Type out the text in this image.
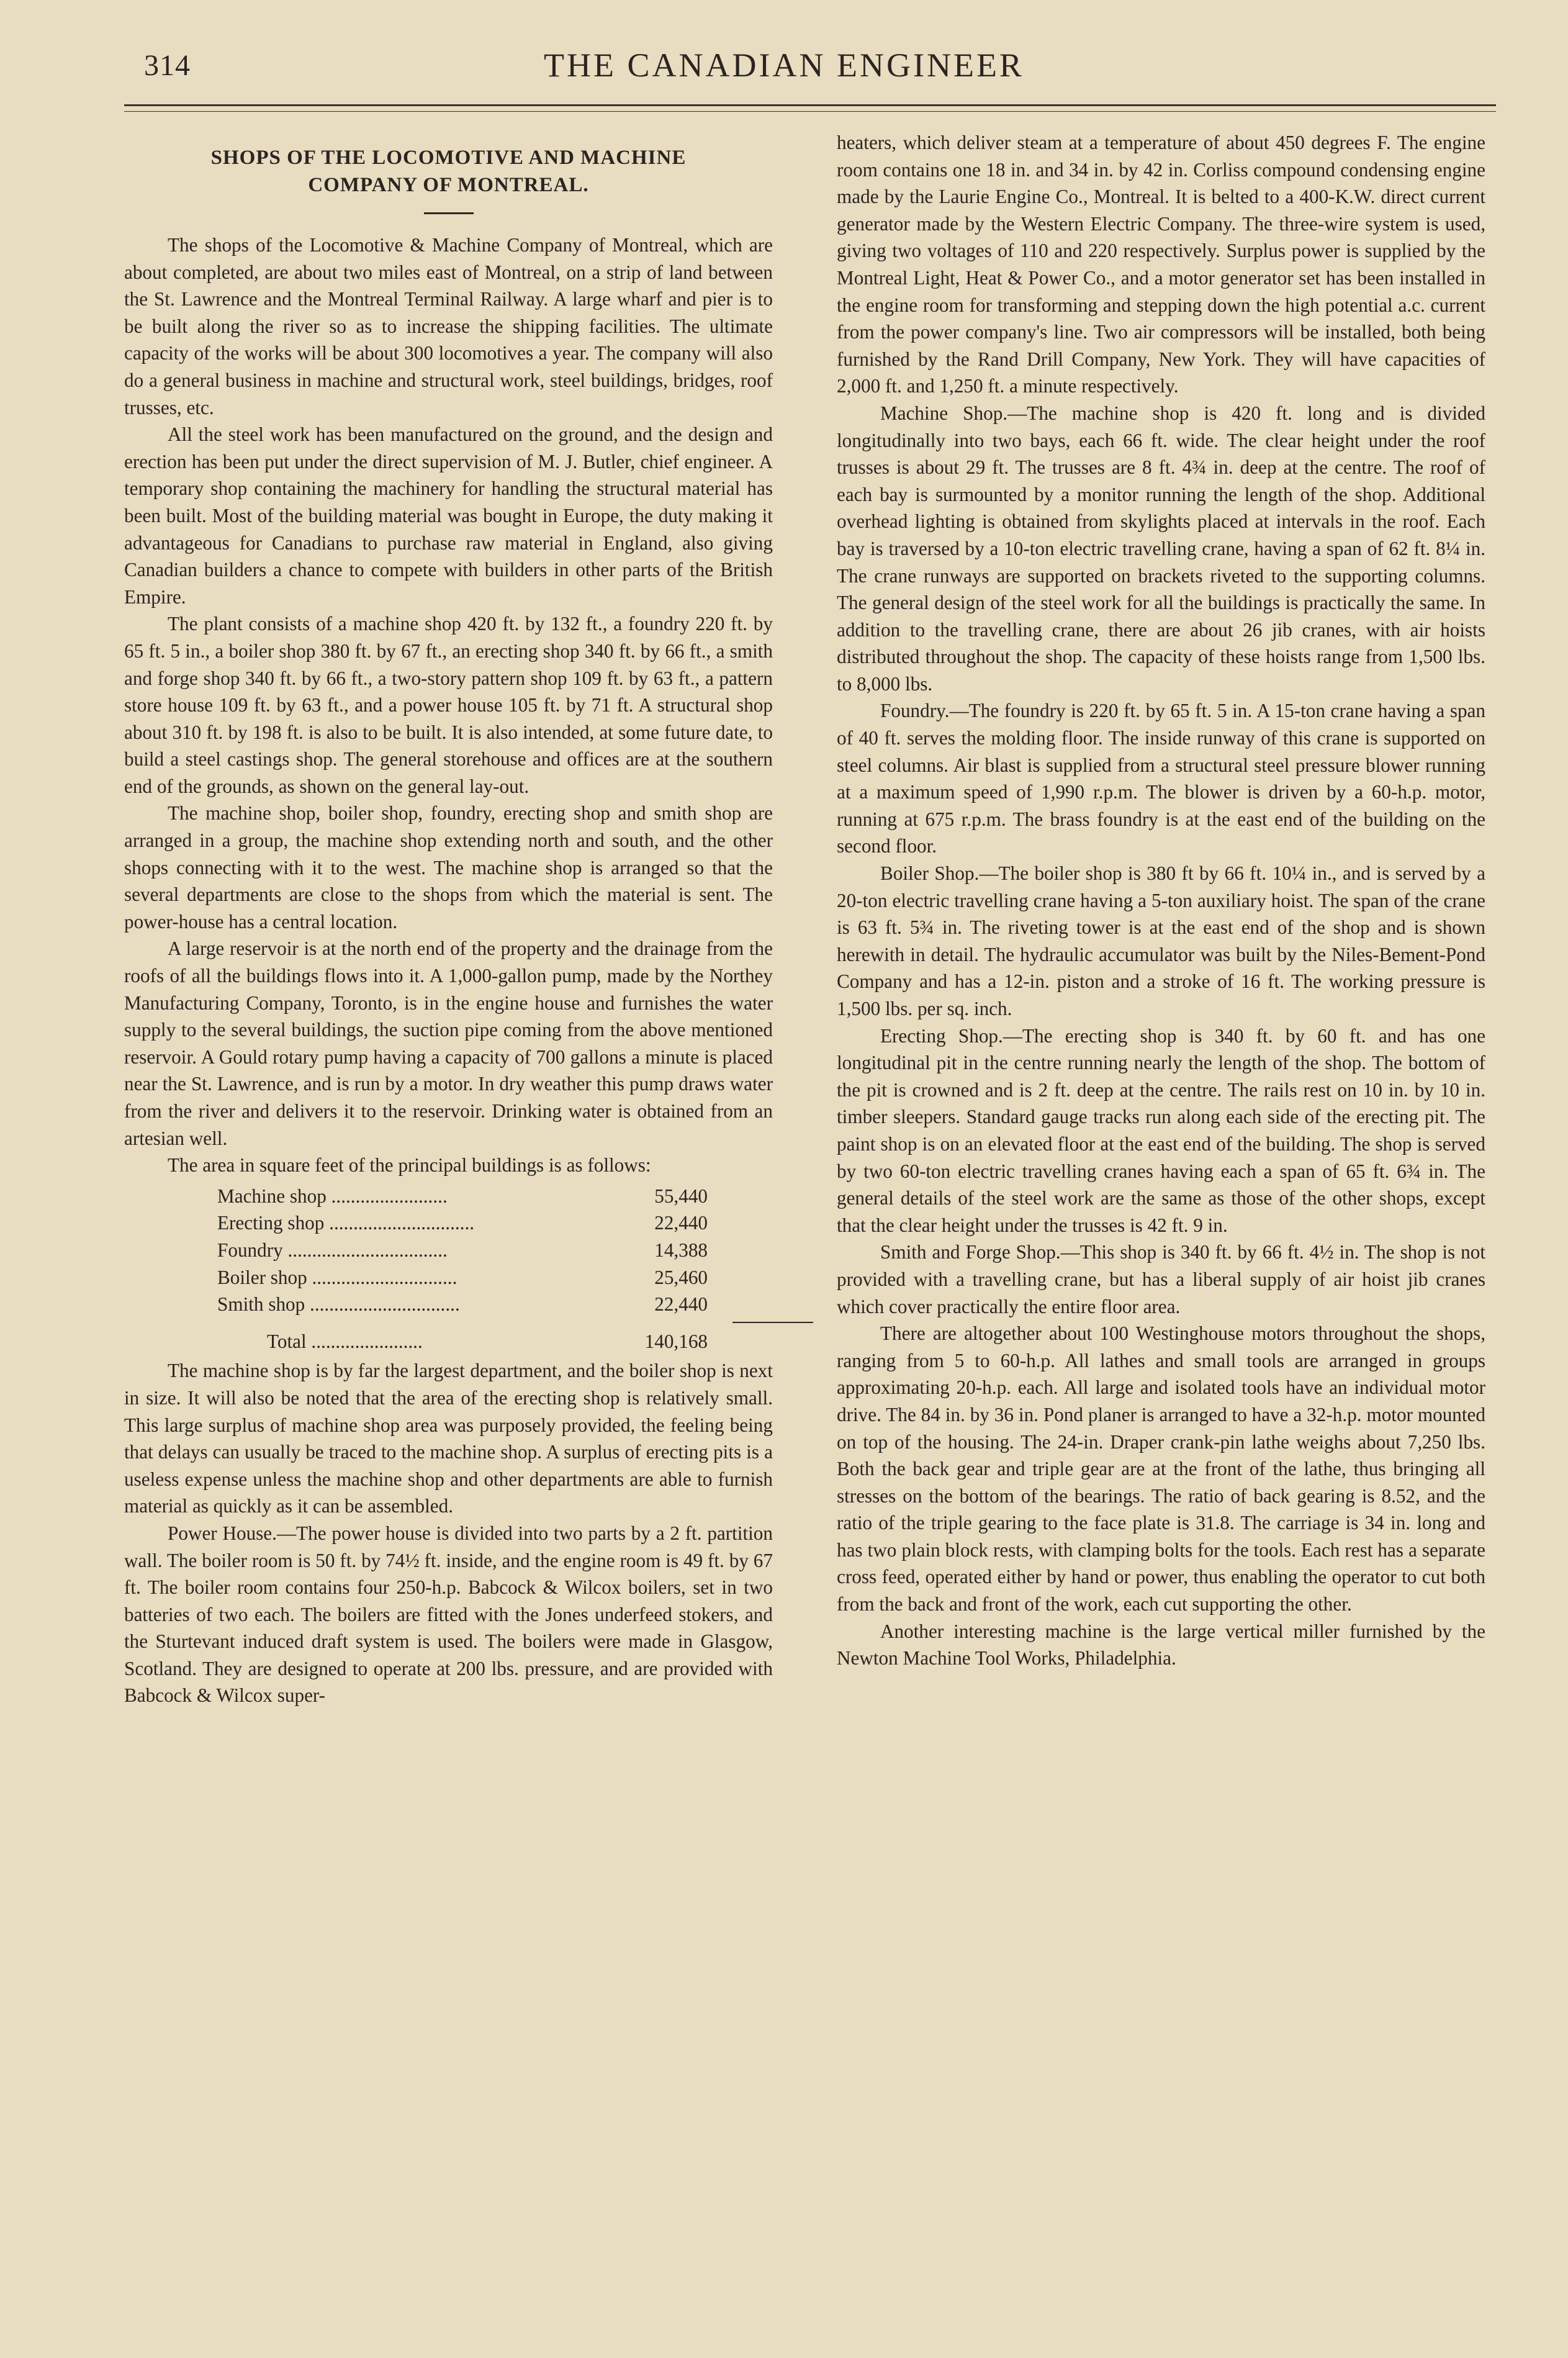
314	THE CANADIAN ENGINEER
SHOPS OF THE LOCOMOTIVE AND MACHINE
COMPANY OF MONTREAL.

The shops of the Locomotive & Machine Company of Montreal, which are about completed, are about two miles east of Montreal, on a strip of land between the St. Lawrence and the Montreal Terminal Railway. A large wharf and pier is to be built along the river so as to increase the shipping facilities. The ultimate capacity of the works will be about 300 locomotives a year. The company will also do a general business in machine and structural work, steel buildings, bridges, roof trusses, etc.

All the steel work has been manufactured on the ground, and the design and erection has been put under the direct supervision of M. J. Butler, chief engineer. A temporary shop containing the machinery for handling the structural material has been built. Most of the building material was bought in Europe, the duty making it advantageous for Canadians to purchase raw material in England, also giving Canadian builders a chance to compete with builders in other parts of the British Empire.

The plant consists of a machine shop 420 ft. by 132 ft., a foundry 220 ft. by 65 ft. 5 in., a boiler shop 380 ft. by 67 ft., an erecting shop 340 ft. by 66 ft., a smith and forge shop 340 ft. by 66 ft., a two-story pattern shop 109 ft. by 63 ft., a pattern store house 109 ft. by 63 ft., and a power house 105 ft. by 71 ft. A structural shop about 310 ft. by 198 ft. is also to be built. It is also intended, at some future date, to build a steel castings shop. The general storehouse and offices are at the southern end of the grounds, as shown on the general lay-out.

The machine shop, boiler shop, foundry, erecting shop and smith shop are arranged in a group, the machine shop extending north and south, and the other shops connecting with it to the west. The machine shop is arranged so that the several departments are close to the shops from which the material is sent. The power-house has a central location.

A large reservoir is at the north end of the property and the drainage from the roofs of all the buildings flows into it. A 1,000-gallon pump, made by the Northey Manufacturing Company, Toronto, is in the engine house and furnishes the water supply to the several buildings, the suction pipe coming from the above mentioned reservoir. A Gould rotary pump having a capacity of 700 gallons a minute is placed near the St. Lawrence, and is run by a motor. In dry weather this pump draws water from the river and delivers it to the reservoir. Drinking water is obtained from an artesian well.

The area in square feet of the principal buildings is as follows:

Machine shop ........................	55,440
Erecting shop ..............................	22,440
Foundry .................................	14,388
Boiler shop ..............................	25,460
Smith shop ...............................	22,440
Total .......................	140,168

The machine shop is by far the largest department, and the boiler shop is next in size. It will also be noted that the area of the erecting shop is relatively small. This large surplus of machine shop area was purposely provided, the feeling being that delays can usually be traced to the machine shop. A surplus of erecting pits is a useless expense unless the machine shop and other departments are able to furnish material as quickly as it can be assembled.

Power House.—The power house is divided into two parts by a 2 ft. partition wall. The boiler room is 50 ft. by 74½ ft. inside, and the engine room is 49 ft. by 67 ft. The boiler room contains four 250-h.p. Babcock & Wilcox boilers, set in two batteries of two each. The boilers are fitted with the Jones underfeed stokers, and the Sturtevant induced draft system is used. The boilers were made in Glasgow, Scotland. They are designed to operate at 200 lbs. pressure, and are provided with Babcock & Wilcox super-

heaters, which deliver steam at a temperature of about 450 degrees F. The engine room contains one 18 in. and 34 in. by 42 in. Corliss compound condensing engine made by the Laurie Engine Co., Montreal. It is belted to a 400-K.W. direct current generator made by the Western Electric Company. The three-wire system is used, giving two voltages of 110 and 220 respectively. Surplus power is supplied by the Montreal Light, Heat & Power Co., and a motor generator set has been installed in the engine room for transforming and stepping down the high potential a.c. current from the power company's line. Two air compressors will be installed, both being furnished by the Rand Drill Company, New York. They will have capacities of 2,000 ft. and 1,250 ft. a minute respectively.

Machine Shop.—The machine shop is 420 ft. long and is divided longitudinally into two bays, each 66 ft. wide. The clear height under the roof trusses is about 29 ft. The trusses are 8 ft. 4¾ in. deep at the centre. The roof of each bay is surmounted by a monitor running the length of the shop. Additional overhead lighting is obtained from skylights placed at intervals in the roof. Each bay is traversed by a 10-ton electric travelling crane, having a span of 62 ft. 8¼ in. The crane runways are supported on brackets riveted to the supporting columns. The general design of the steel work for all the buildings is practically the same. In addition to the travelling crane, there are about 26 jib cranes, with air hoists distributed throughout the shop. The capacity of these hoists range from 1,500 lbs. to 8,000 lbs.

Foundry.—The foundry is 220 ft. by 65 ft. 5 in. A 15-ton crane having a span of 40 ft. serves the molding floor. The inside runway of this crane is supported on steel columns. Air blast is supplied from a structural steel pressure blower running at a maximum speed of 1,990 r.p.m. The blower is driven by a 60-h.p. motor, running at 675 r.p.m. The brass foundry is at the east end of the building on the second floor.

Boiler Shop.—The boiler shop is 380 ft by 66 ft. 10¼ in., and is served by a 20-ton electric travelling crane having a 5-ton auxiliary hoist. The span of the crane is 63 ft. 5¾ in. The riveting tower is at the east end of the shop and is shown herewith in detail. The hydraulic accumulator was built by the Niles-Bement-Pond Company and has a 12-in. piston and a stroke of 16 ft. The working pressure is 1,500 lbs. per sq. inch.

Erecting Shop.—The erecting shop is 340 ft. by 60 ft. and has one longitudinal pit in the centre running nearly the length of the shop. The bottom of the pit is crowned and is 2 ft. deep at the centre. The rails rest on 10 in. by 10 in. timber sleepers. Standard gauge tracks run along each side of the erecting pit. The paint shop is on an elevated floor at the east end of the building. The shop is served by two 60-ton electric travelling cranes having each a span of 65 ft. 6¾ in. The general details of the steel work are the same as those of the other shops, except that the clear height under the trusses is 42 ft. 9 in.

Smith and Forge Shop.—This shop is 340 ft. by 66 ft. 4½ in. The shop is not provided with a travelling crane, but has a liberal supply of air hoist jib cranes which cover practically the entire floor area.

There are altogether about 100 Westinghouse motors throughout the shops, ranging from 5 to 60-h.p. All lathes and small tools are arranged in groups approximating 20-h.p. each. All large and isolated tools have an individual motor drive. The 84 in. by 36 in. Pond planer is arranged to have a 32-h.p. motor mounted on top of the housing. The 24-in. Draper crank-pin lathe weighs about 7,250 lbs. Both the back gear and triple gear are at the front of the lathe, thus bringing all stresses on the bottom of the bearings. The ratio of back gearing is 8.52, and the ratio of the triple gearing to the face plate is 31.8. The carriage is 34 in. long and has two plain block rests, with clamping bolts for the tools. Each rest has a separate cross feed, operated either by hand or power, thus enabling the operator to cut both from the back and front of the work, each cut supporting the other.

Another interesting machine is the large vertical miller furnished by the Newton Machine Tool Works, Philadelphia.
